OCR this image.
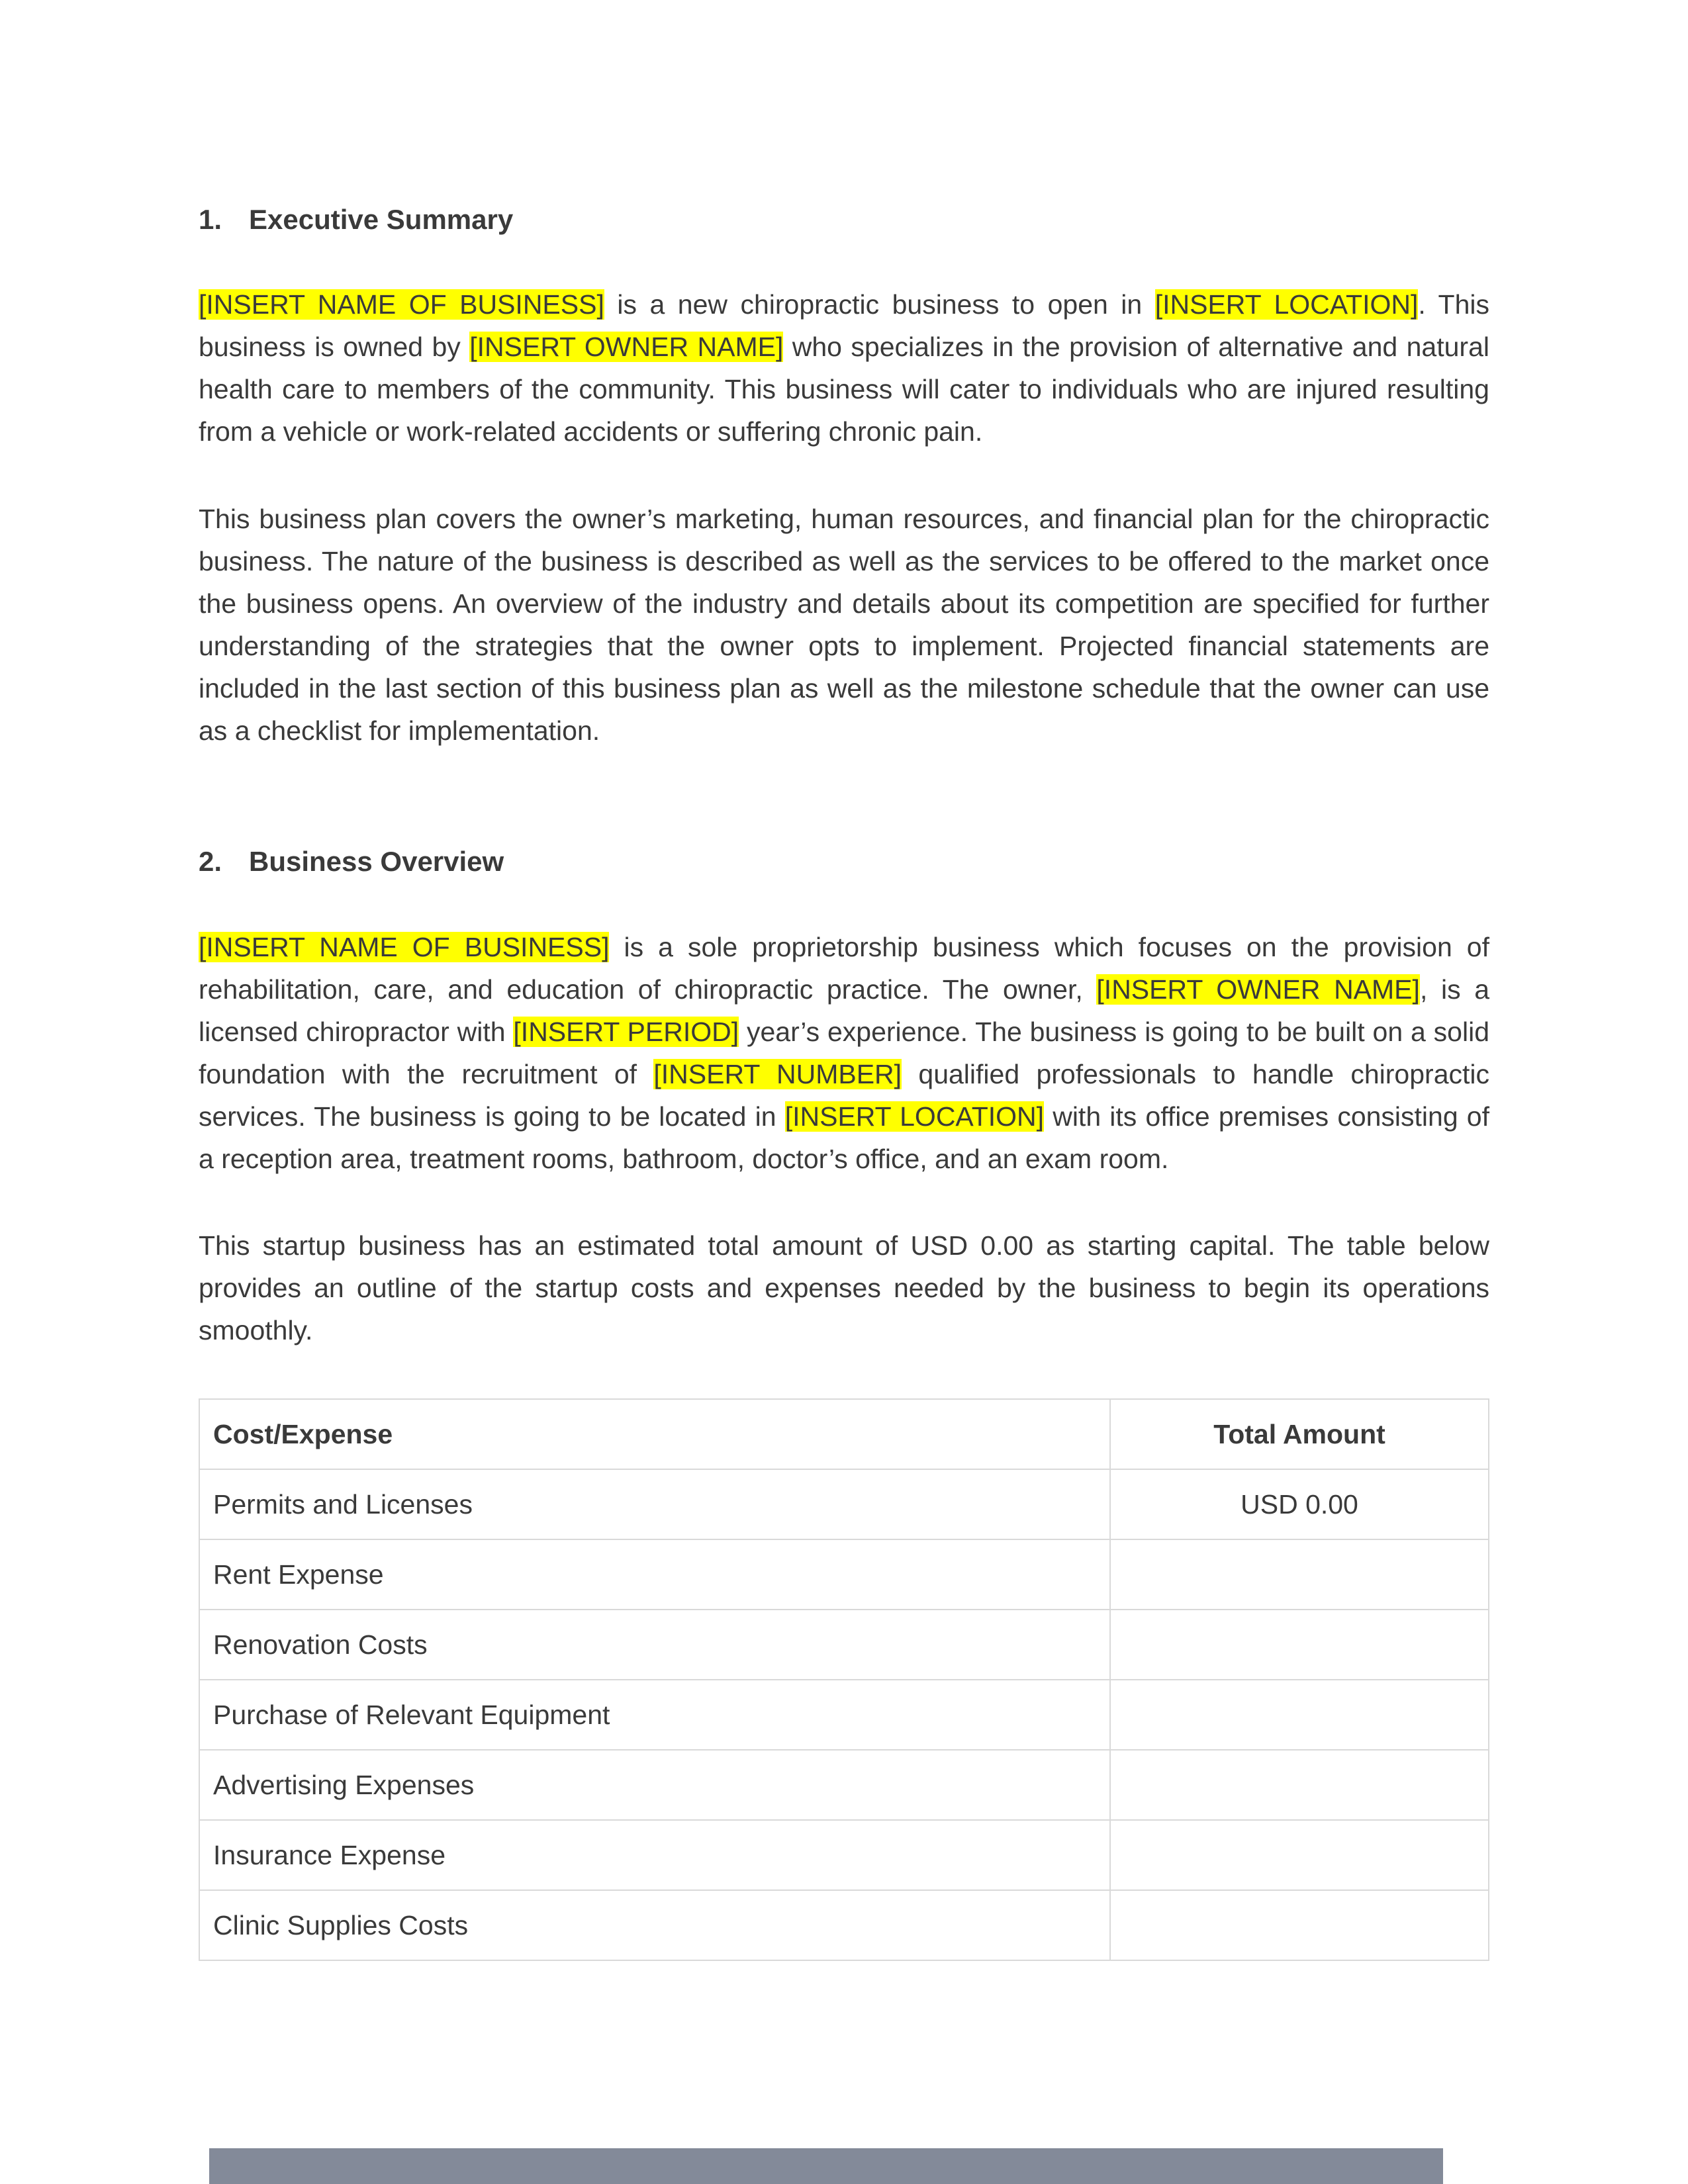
1. Executive Summary

[INSERT NAME OF BUSINESS] is a new chiropractic business to open in [INSERT LOCATION]. This business is owned by [INSERT OWNER NAME] who specializes in the provision of alternative and natural health care to members of the community. This business will cater to individuals who are injured resulting from a vehicle or work-related accidents or suffering chronic pain.

This business plan covers the owner’s marketing, human resources, and financial plan for the chiropractic business. The nature of the business is described as well as the services to be offered to the market once the business opens. An overview of the industry and details about its competition are specified for further understanding of the strategies that the owner opts to implement. Projected financial statements are included in the last section of this business plan as well as the milestone schedule that the owner can use as a checklist for implementation.

2. Business Overview

[INSERT NAME OF BUSINESS] is a sole proprietorship business which focuses on the provision of rehabilitation, care, and education of chiropractic practice. The owner, [INSERT OWNER NAME], is a licensed chiropractor with [INSERT PERIOD] year’s experience. The business is going to be built on a solid foundation with the recruitment of [INSERT NUMBER] qualified professionals to handle chiropractic services. The business is going to be located in [INSERT LOCATION] with its office premises consisting of a reception area, treatment rooms, bathroom, doctor’s office, and an exam room.

This startup business has an estimated total amount of USD 0.00 as starting capital. The table below provides an outline of the startup costs and expenses needed by the business to begin its operations smoothly.

Cost/Expense	Total Amount
Permits and Licenses	USD 0.00
Rent Expense	
Renovation Costs	
Purchase of Relevant Equipment	
Advertising Expenses	
Insurance Expense	
Clinic Supplies Costs	
